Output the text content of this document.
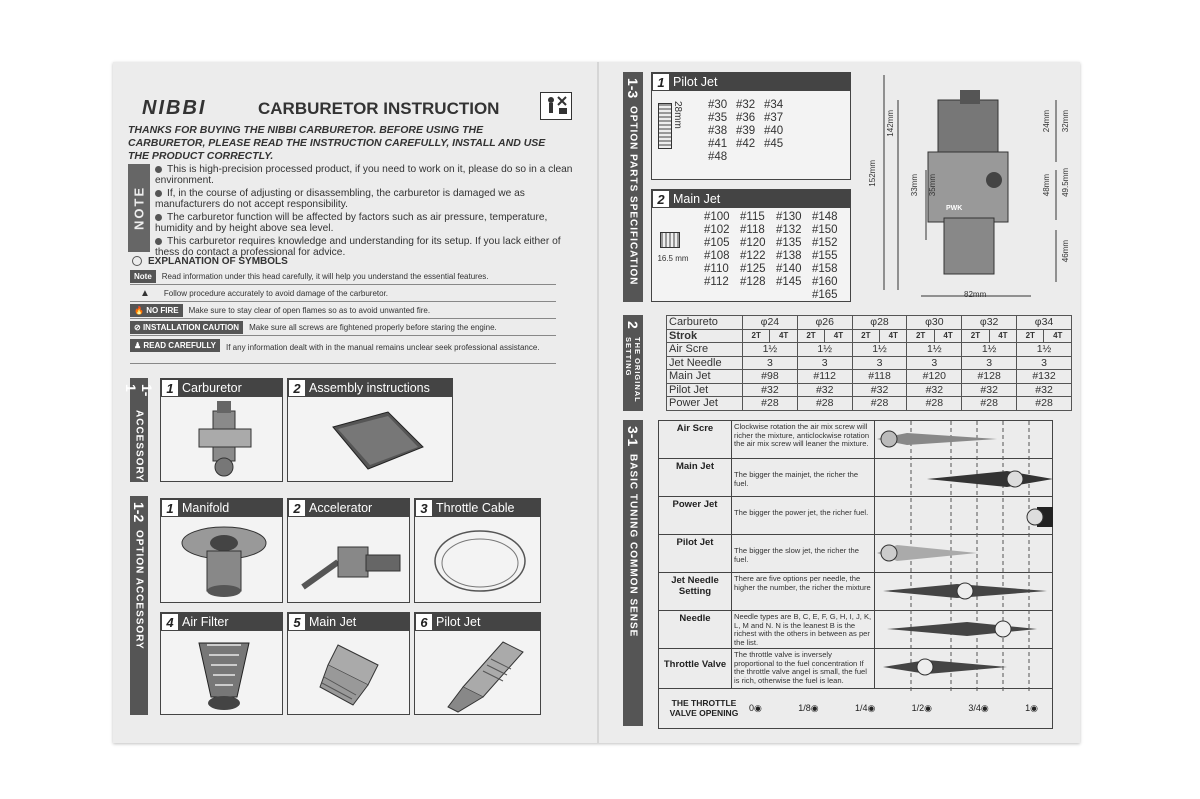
NIBBI	CARBURETOR INSTRUCTION
THANKS FOR BUYING THE NIBBI CARBURETOR. BEFORE USING THE CARBURETOR, PLEASE READ THE INSTRUCTION CAREFULLY, INSTALL AND USE THE PRODUCT CORRECTLY.
NOTE
This is high-precision processed product, if you need to work on it, please do so in a clean environment.
If, in the course of adjusting or disassembling, the carburetor is damaged we as manufacturers do not accept responsibility.
The carburetor function will be affected by factors such as air pressure, temperature, humidity and by height above sea level.
This carburetor requires knowledge and understanding for its setup. If you lack either of thess do contact a professional for advice.
EXPLANATION OF SYMBOLS
Note	Read information under this head carefully, it will help you understand the essential features.
▲ Follow procedure accurately to avoid damage of the carburetor.
🔥 NO FIRE	Make sure to stay clear of open flames so as to avoid unwanted fire.
⊘ INSTALLATION CAUTION	Make sure all screws are fightened properly before staring the engine.
♟ READ CAREFULLY	If any information dealt with in the manual remains unclear seek professional assistance.
1-1
ACCESSORY
1 Carburetor	2 Assembly instructions
1-2
OPTION ACCESSORY
1 Manifold	2 Accelerator	3 Throttle Cable
4 Air Filter	5 Main Jet	6 Pilot Jet
1-3
OPTION PARTS SPECIFICATION
1 Pilot Jet
28mm #30 #32 #34
#35 #36 #37
#38 #39 #40
#41 #42 #45
#48
2 Main Jet
16.5 mm
#100 #115 #130 #148
#102 #118 #132 #150
#105 #120 #135 #152
#108 #122 #138 #155
#110 #125 #140 #158
#112 #128 #145 #160
#165
152mm
142mm	24mm 32mm
48mm 49.5mm
33mm 35mm
46mm
82mm
PWK
2
THE ORIGINAL SETTING
Carbureto	φ24		φ26		φ28		φ30		φ32		φ34	
Strok	2T	4T	2T	4T	2T	4T	2T	4T	2T	4T	2T	4T
Air Scre	1½		1½		1½		1½		1½		1½	
Jet Needle	3		3		3		3		3		3	
Main Jet	#98		#112		#118		#120		#128		#132	
Pilot Jet	#32		#32		#32		#32		#32		#32	
Power Jet	#28		#28		#28		#28		#28		#28	
3-1
BASIC TUNING COMMON SENSE
Air Scre	Clockwise rotation the air mix screw will richer the mixture, anticlockwise rotation the air mix screw will leaner the mixture.
Main Jet
The bigger the mainjet, the richer the fuel.
Power Jet
The bigger the power jet, the richer fuel.
Pilot Jet
The bigger the slow jet, the richer the fuel.
Jet Needle Setting
There are five options per needle, the higher the number, the richer the mixture
Needle	Needle types are B, C, E, F, G, H, I, J, K, L, M and N. N is the leanest B is the richest with the others in between as per the list.
Throttle Valve
The throttle valve is inversely proportional to the fuel concentration If the throttle valve angel is small, the fuel is rich, otherwise the fuel is lean.
THE THROTTLE VALVE OPENING
0◉	1/8◉	1/4◉	1/2◉	3/4◉	1◉
